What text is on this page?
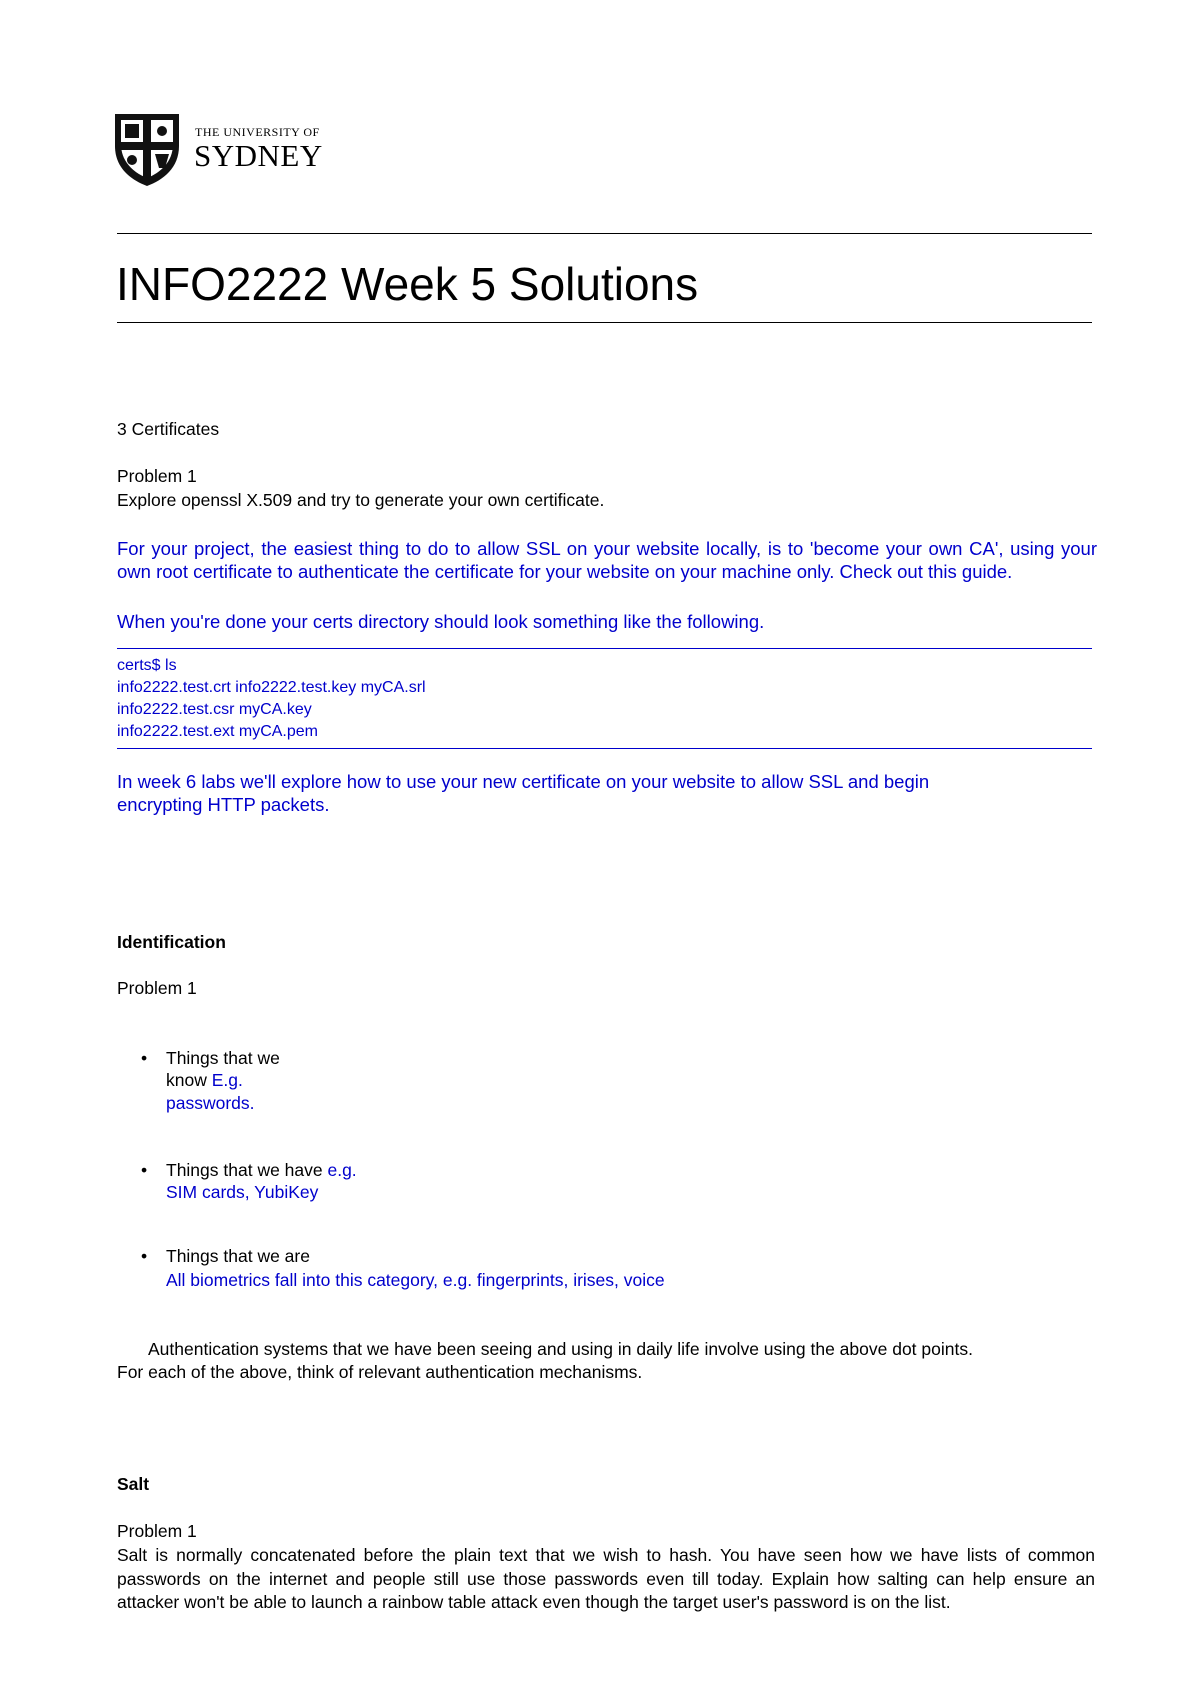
THE UNIVERSITY OF
SYDNEY
INFO2222 Week 5 Solutions
3 Certificates
Problem 1
Explore openssl X.509 and try to generate your own certificate.
For your project, the easiest thing to do to allow SSL on your website locally, is to 'become your own CA', using your own root certificate to authenticate the certificate for your website on your machine only. Check out this guide.
When you're done your certs directory should look something like the following.
certs$ ls
info2222.test.crt info2222.test.key myCA.srl
info2222.test.csr myCA.key
info2222.test.ext myCA.pem
In week 6 labs we'll explore how to use your new certificate on your website to allow SSL and begin
encrypting HTTP packets.
Identification
Problem 1
• Things that we
know E.g.
passwords.
• Things that we have e.g.
SIM cards, YubiKey
• Things that we are
All biometrics fall into this category, e.g. fingerprints, irises, voice
Authentication systems that we have been seeing and using in daily life involve using the above dot points.
For each of the above, think of relevant authentication mechanisms.
Salt
Problem 1
Salt is normally concatenated before the plain text that we wish to hash. You have seen how we have lists of common passwords on the internet and people still use those passwords even till today. Explain how salting can help ensure an attacker won't be able to launch a rainbow table attack even though the target user's password is on the list.
